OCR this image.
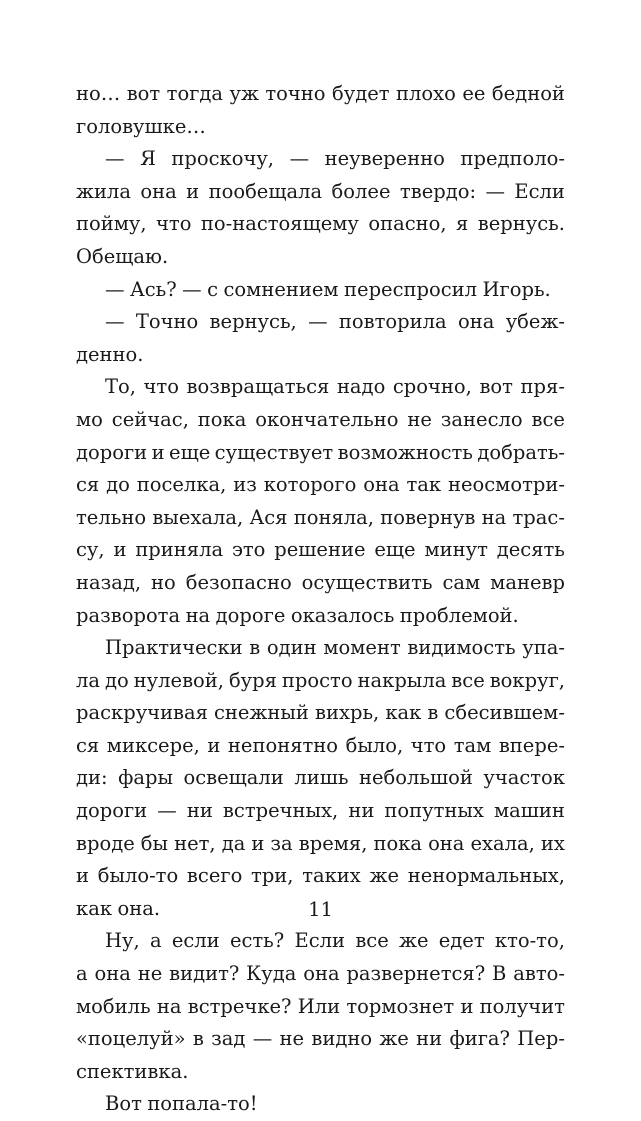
но… вот тогда уж точно будет плохо ее бедной
головушке…
— Я проскочу, — неуверенно предполо-
жила она и пообещала более твердо: — Если
пойму, что по-настоящему опасно, я вернусь.
Обещаю.
— Ась? — с сомнением переспросил Игорь.
— Точно вернусь, — повторила она убеж-
денно.
То, что возвращаться надо срочно, вот пря-
мо сейчас, пока окончательно не занесло все
дороги и еще существует возможность добрать-
ся до поселка, из которого она так неосмотри-
тельно выехала, Ася поняла, повернув на трас-
су, и приняла это решение еще минут десять
назад, но безопасно осуществить сам маневр
разворота на дороге оказалось проблемой.
Практически в один момент видимость упа-
ла до нулевой, буря просто накрыла все вокруг,
раскручивая снежный вихрь, как в сбесившем-
ся миксере, и непонятно было, что там впере-
ди: фары освещали лишь небольшой участок
дороги — ни встречных, ни попутных машин
вроде бы нет, да и за время, пока она ехала, их
и было-то всего три, таких же ненормальных,
как она.
Ну, а если есть? Если все же едет кто-то,
а она не видит? Куда она развернется? В авто-
мобиль на встречке? Или тормознет и получит
«поцелуй» в зад — не видно же ни фига? Пер-
спективка.
Вот попала-то!
11
